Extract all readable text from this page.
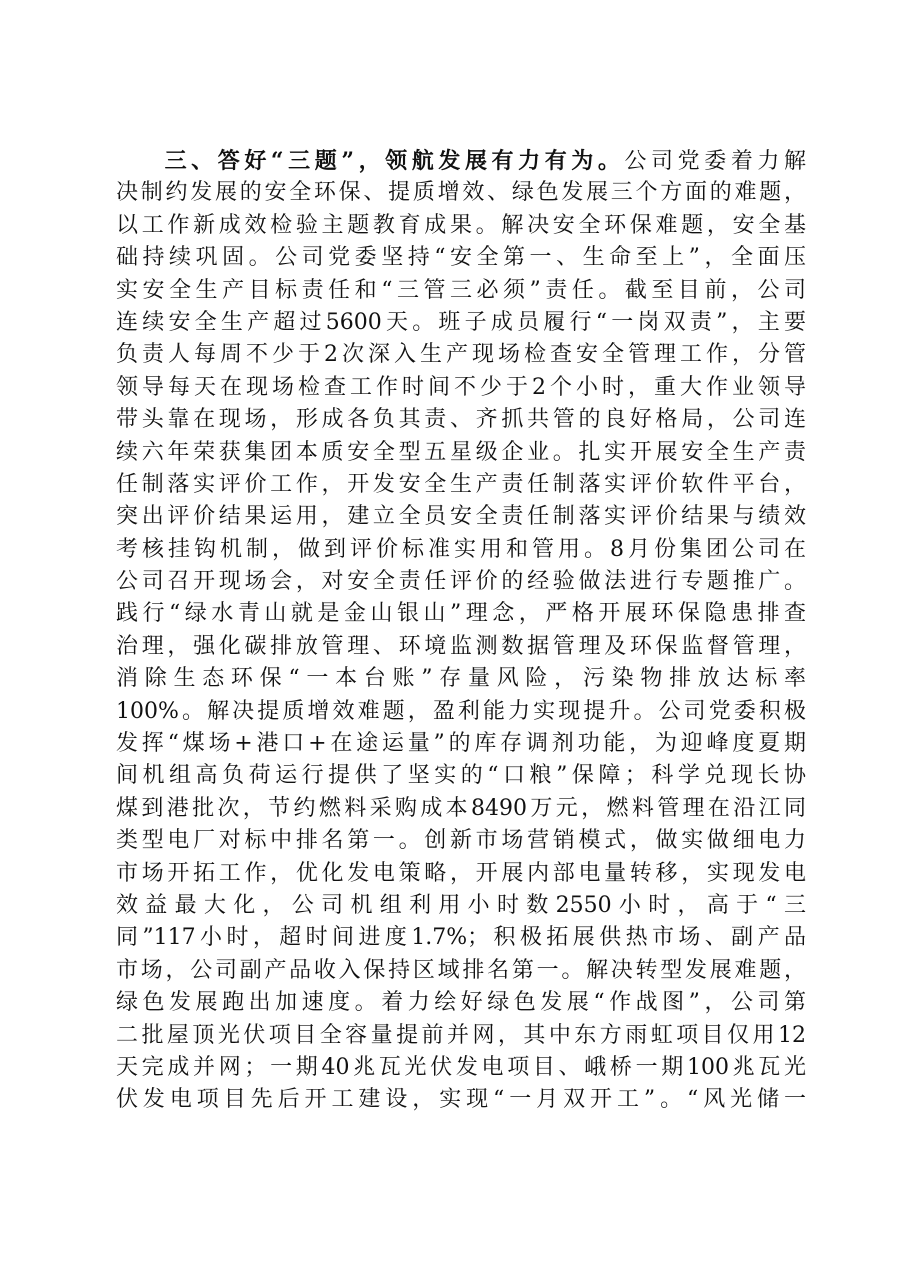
三、答好“三题”，领航发展有力有为。公司党委着力解
决制约发展的安全环保、提质增效、绿色发展三个方面的难题，
以工作新成效检验主题教育成果。解决安全环保难题，安全基
础持续巩固。公司党委坚持“安全第一、生命至上”，全面压
实安全生产目标责任和“三管三必须”责任。截至目前，公司
连续安全生产超过5600天。班子成员履行“一岗双责”，主要
负责人每周不少于2次深入生产现场检查安全管理工作，分管
领导每天在现场检查工作时间不少于2个小时，重大作业领导
带头靠在现场，形成各负其责、齐抓共管的良好格局，公司连
续六年荣获集团本质安全型五星级企业。扎实开展安全生产责
任制落实评价工作，开发安全生产责任制落实评价软件平台，
突出评价结果运用，建立全员安全责任制落实评价结果与绩效
考核挂钩机制，做到评价标准实用和管用。8月份集团公司在
公司召开现场会，对安全责任评价的经验做法进行专题推广。
践行“绿水青山就是金山银山”理念，严格开展环保隐患排查
治理，强化碳排放管理、环境监测数据管理及环保监督管理，
消除生态环保“一本台账”存量风险，污染物排放达标率
100%。解决提质增效难题，盈利能力实现提升。公司党委积极
发挥“煤场+港口+在途运量”的库存调剂功能，为迎峰度夏期
间机组高负荷运行提供了坚实的“口粮”保障；科学兑现长协
煤到港批次，节约燃料采购成本8490万元，燃料管理在沿江同
类型电厂对标中排名第一。创新市场营销模式，做实做细电力
市场开拓工作，优化发电策略，开展内部电量转移，实现发电
效益最大化，公司机组利用小时数2550小时，高于“三
同”117小时，超时间进度1.7%；积极拓展供热市场、副产品
市场，公司副产品收入保持区域排名第一。解决转型发展难题，
绿色发展跑出加速度。着力绘好绿色发展“作战图”，公司第
二批屋顶光伏项目全容量提前并网，其中东方雨虹项目仅用12
天完成并网；一期40兆瓦光伏发电项目、峨桥一期100兆瓦光
伏发电项目先后开工建设，实现“一月双开工”。“风光储一
